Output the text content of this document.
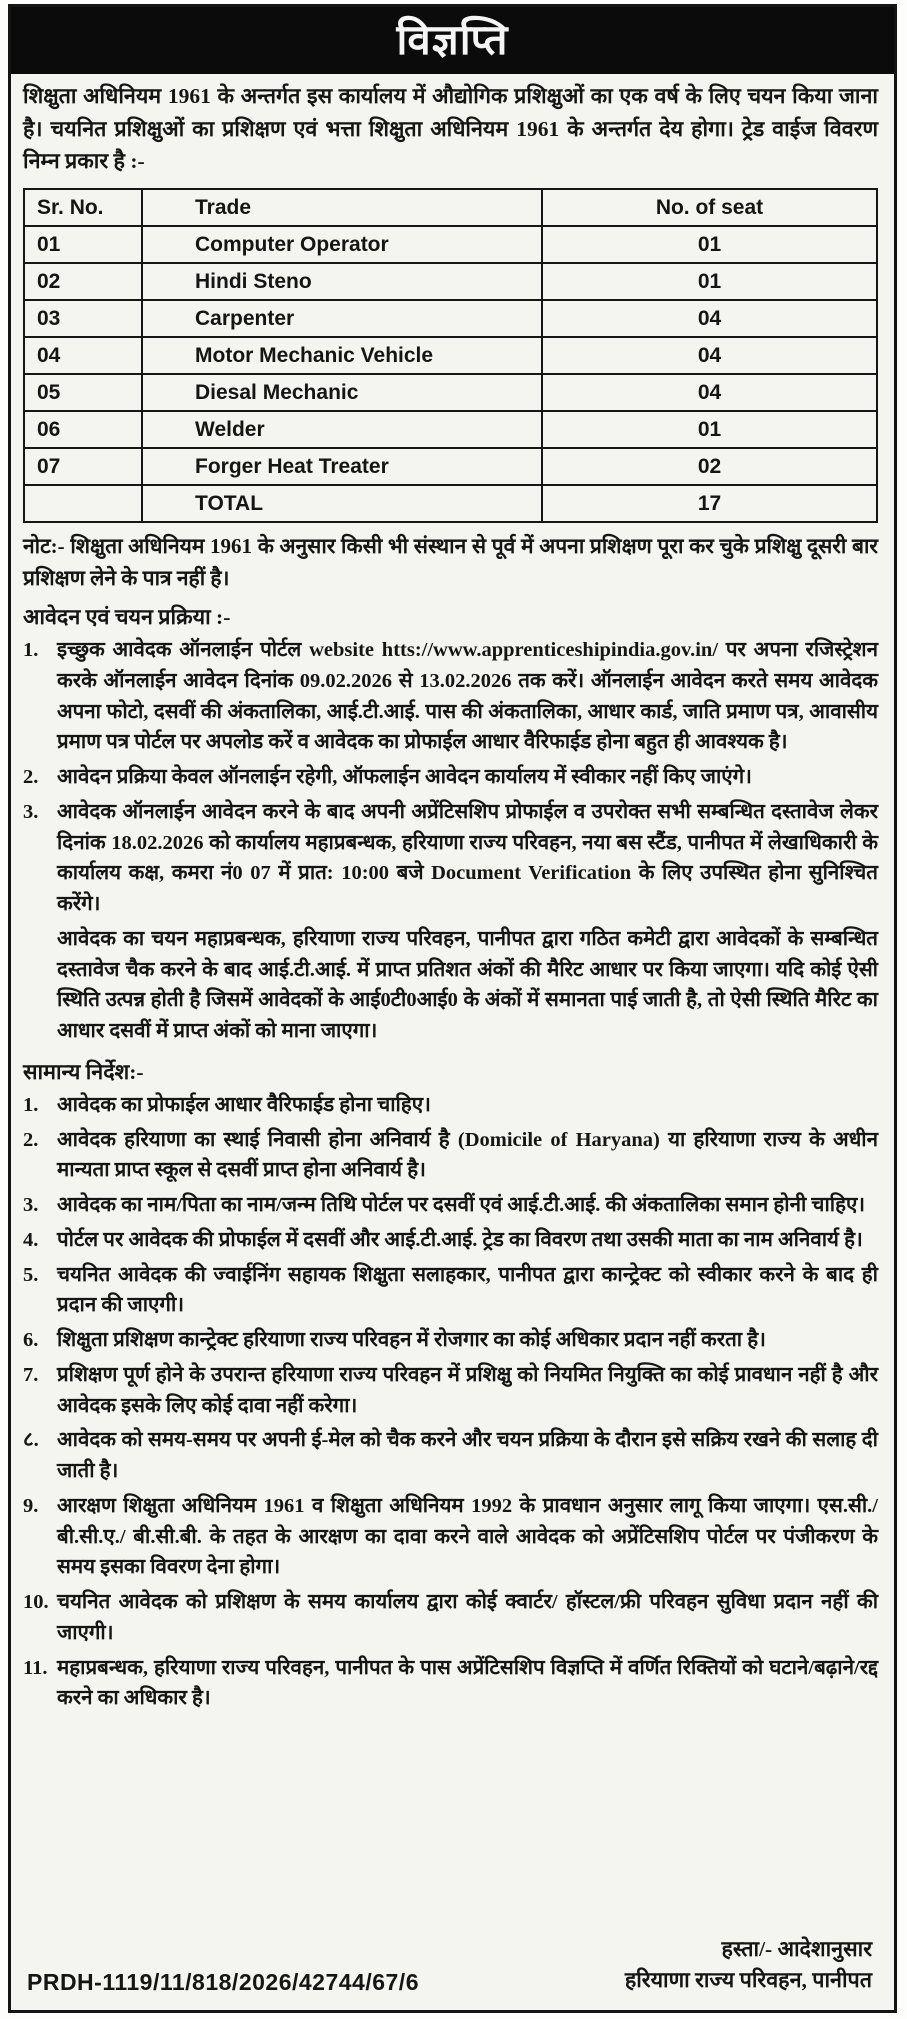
विज्ञप्ति

शिक्षुता अधिनियम 1961 के अन्तर्गत इस कार्यालय में औद्योगिक प्रशिक्षुओं का एक वर्ष के लिए चयन किया जाना है। चयनित प्रशिक्षुओं का प्रशिक्षण एवं भत्ता शिक्षुता अधिनियम 1961 के अन्तर्गत देय होगा। ट्रेड वाईज विवरण निम्न प्रकार है :-

Sr. No.	Trade	No. of seat
01	Computer Operator	01
02	Hindi Steno	01
03	Carpenter	04
04	Motor Mechanic Vehicle	04
05	Diesal Mechanic	04
06	Welder	01
07	Forger Heat Treater	02
	TOTAL	17

नोट:- शिक्षुता अधिनियम 1961 के अनुसार किसी भी संस्थान से पूर्व में अपना प्रशिक्षण पूरा कर चुके प्रशिक्षु दूसरी बार प्रशिक्षण लेने के पात्र नहीं है।

आवेदन एवं चयन प्रक्रिया :-
1. इच्छुक आवेदक ऑनलाईन पोर्टल website htts://www.apprenticeshipindia.gov.in/ पर अपना रजिस्ट्रेशन करके ऑनलाईन आवेदन दिनांक 09.02.2026 से 13.02.2026 तक करें। ऑनलाईन आवेदन करते समय आवेदक अपना फोटो, दसवीं की अंकतालिका, आई.टी.आई. पास की अंकतालिका, आधार कार्ड, जाति प्रमाण पत्र, आवासीय प्रमाण पत्र पोर्टल पर अपलोड करें व आवेदक का प्रोफाईल आधार वैरिफाईड होना बहुत ही आवश्यक है।
2. आवेदन प्रक्रिया केवल ऑनलाईन रहेगी, ऑफलाईन आवेदन कार्यालय में स्वीकार नहीं किए जाएंगे।
3. आवेदक ऑनलाईन आवेदन करने के बाद अपनी अप्रेंटिसशिप प्रोफाईल व उपरोक्त सभी सम्बन्धित दस्तावेज लेकर दिनांक 18.02.2026 को कार्यालय महाप्रबन्धक, हरियाणा राज्य परिवहन, नया बस स्टैंड, पानीपत में लेखाधिकारी के कार्यालय कक्ष, कमरा नं0 07 में प्रात: 10:00 बजे Document Verification के लिए उपस्थित होना सुनिश्चित करेंगे।

आवेदक का चयन महाप्रबन्धक, हरियाणा राज्य परिवहन, पानीपत द्वारा गठित कमेटी द्वारा आवेदकों के सम्बन्धित दस्तावेज चैक करने के बाद आई.टी.आई. में प्राप्त प्रतिशत अंकों की मैरिट आधार पर किया जाएगा। यदि कोई ऐसी स्थिति उत्पन्न होती है जिसमें आवेदकों के आई0टी0आई0 के अंकों में समानता पाई जाती है, तो ऐसी स्थिति मैरिट का आधार दसवीं में प्राप्त अंकों को माना जाएगा।

सामान्य निर्देश:-
1. आवेदक का प्रोफाईल आधार वैरिफाईड होना चाहिए।
2. आवेदक हरियाणा का स्थाई निवासी होना अनिवार्य है (Domicile of Haryana) या हरियाणा राज्य के अधीन मान्यता प्राप्त स्कूल से दसवीं प्राप्त होना अनिवार्य है।
3. आवेदक का नाम/पिता का नाम/जन्म तिथि पोर्टल पर दसवीं एवं आई.टी.आई. की अंकतालिका समान होनी चाहिए।
4. पोर्टल पर आवेदक की प्रोफाईल में दसवीं और आई.टी.आई. ट्रेड का विवरण तथा उसकी माता का नाम अनिवार्य है।
5. चयनित आवेदक की ज्वाईनिंग सहायक शिक्षुता सलाहकार, पानीपत द्वारा कान्ट्रेक्ट को स्वीकार करने के बाद ही प्रदान की जाएगी।
6. शिक्षुता प्रशिक्षण कान्ट्रेक्ट हरियाणा राज्य परिवहन में रोजगार का कोई अधिकार प्रदान नहीं करता है।
7. प्रशिक्षण पूर्ण होने के उपरान्त हरियाणा राज्य परिवहन में प्रशिक्षु को नियमित नियुक्ति का कोई प्रावधान नहीं है और आवेदक इसके लिए कोई दावा नहीं करेगा।
८. आवेदक को समय-समय पर अपनी ई-मेल को चैक करने और चयन प्रक्रिया के दौरान इसे सक्रिय रखने की सलाह दी जाती है।
9. आरक्षण शिक्षुता अधिनियम 1961 व शिक्षुता अधिनियम 1992 के प्रावधान अनुसार लागू किया जाएगा। एस.सी./ बी.सी.ए./ बी.सी.बी. के तहत के आरक्षण का दावा करने वाले आवेदक को अप्रेंटिसशिप पोर्टल पर पंजीकरण के समय इसका विवरण देना होगा।
10. चयनित आवेदक को प्रशिक्षण के समय कार्यालय द्वारा कोई क्वार्टर/ हॉस्टल/फ्री परिवहन सुविधा प्रदान नहीं की जाएगी।
11. महाप्रबन्धक, हरियाणा राज्य परिवहन, पानीपत के पास अप्रेंटिसशिप विज्ञप्ति में वर्णित रिक्तियों को घटाने/बढ़ाने/रद्द करने का अधिकार है।
PRDH-1119/11/818/2026/42744/67/6
हस्ता/- आदेशानुसार
हरियाणा राज्य परिवहन, पानीपत
